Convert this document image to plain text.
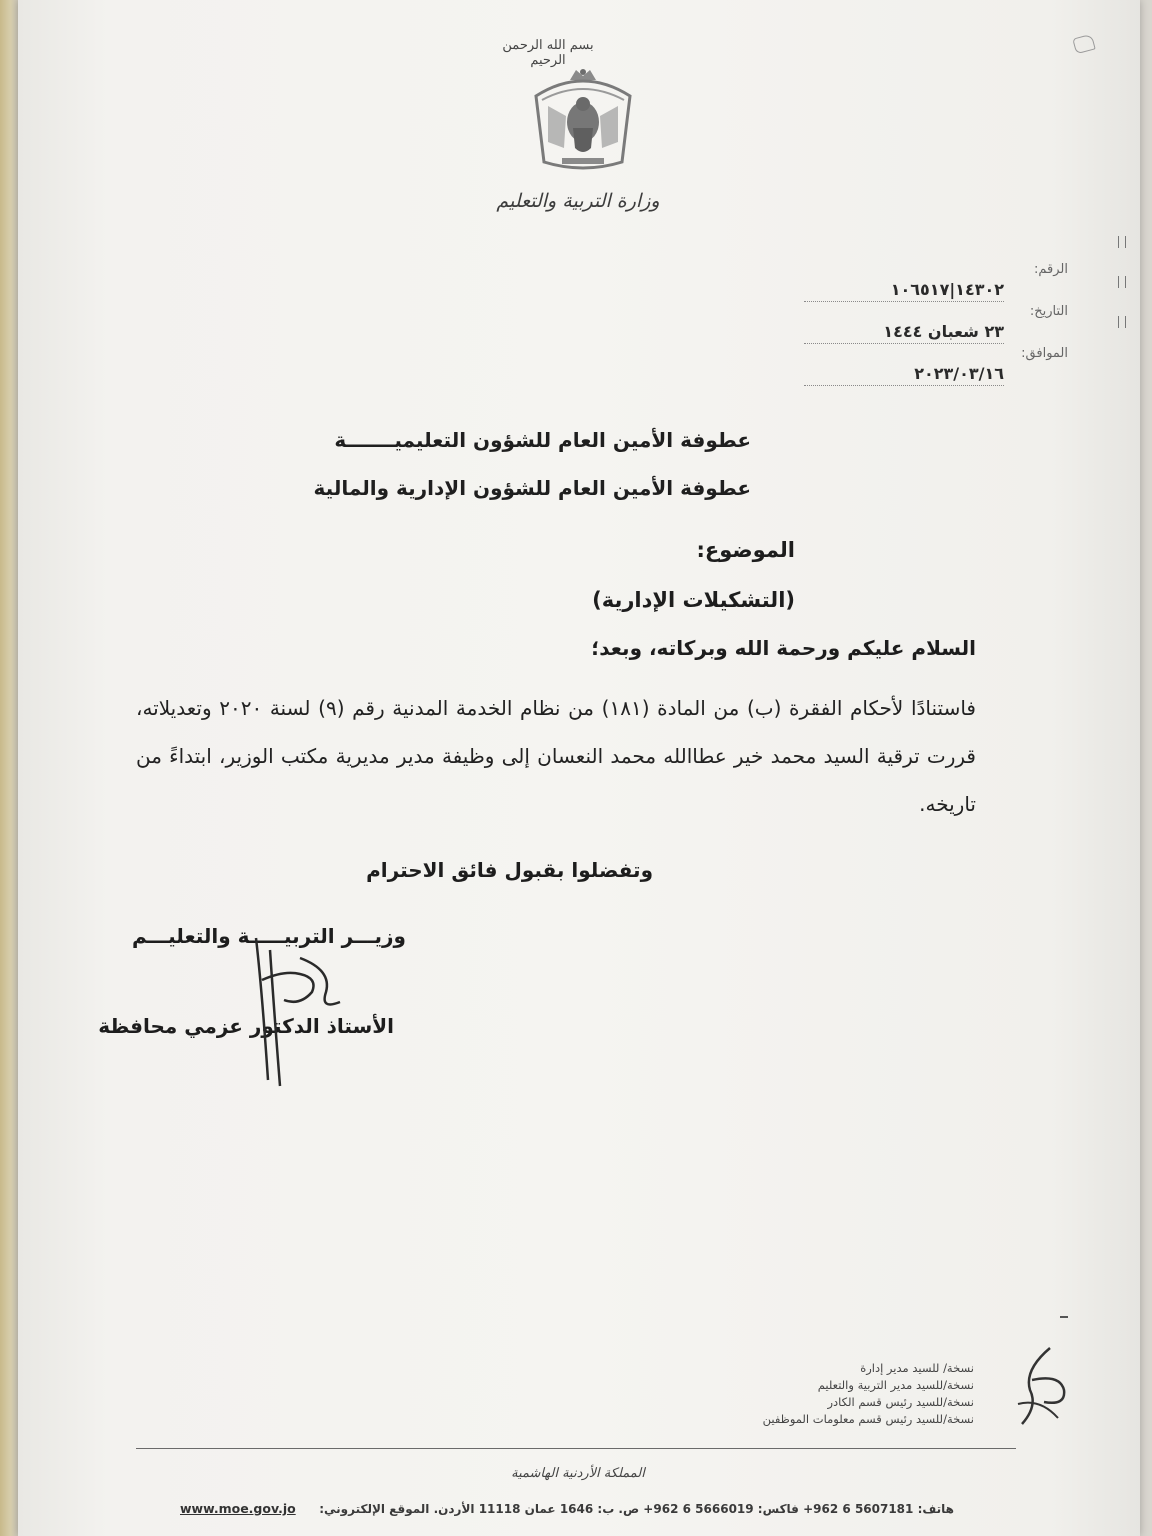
بسم الله الرحمن الرحيم
وزارة التربية والتعليم
الرقم:
١٤٣٠٢|١٠٦٥١٧
التاريخ:
٢٣ شعبان ١٤٤٤
الموافق:
٢٠٢٣/٠٣/١٦
عطوفة الأمين العام للشؤون التعليميـــــــة
عطوفة الأمين العام للشؤون الإدارية والمالية
الموضوع:
(التشكيلات الإدارية)
السلام عليكم ورحمة الله وبركاته، وبعد؛
فاستنادًا لأحكام الفقرة (ب) من المادة (١٨١) من نظام الخدمة المدنية رقم (٩) لسنة ٢٠٢٠ وتعديلاته، قررت ترقية السيد محمد خير عطاالله محمد النعسان إلى وظيفة مدير مديرية مكتب الوزير، ابتداءً من تاريخه.
وتفضلوا بقبول فائق الاحترام
وزيـــر التربيـــــة والتعليـــم
الأستاذ الدكتور عزمي محافظة
نسخة/ للسيد مدير إدارة
نسخة/للسيد مدير التربية والتعليم
نسخة/للسيد رئيس قسم الكادر
نسخة/للسيد رئيس قسم معلومات الموظفين
المملكة الأردنية الهاشمية
هاتف: 5607181 6 962+ فاكس: 5666019 6 962+ ص. ب: 1646 عمان 11118 الأردن. الموقع الإلكتروني:
www.moe.gov.jo
